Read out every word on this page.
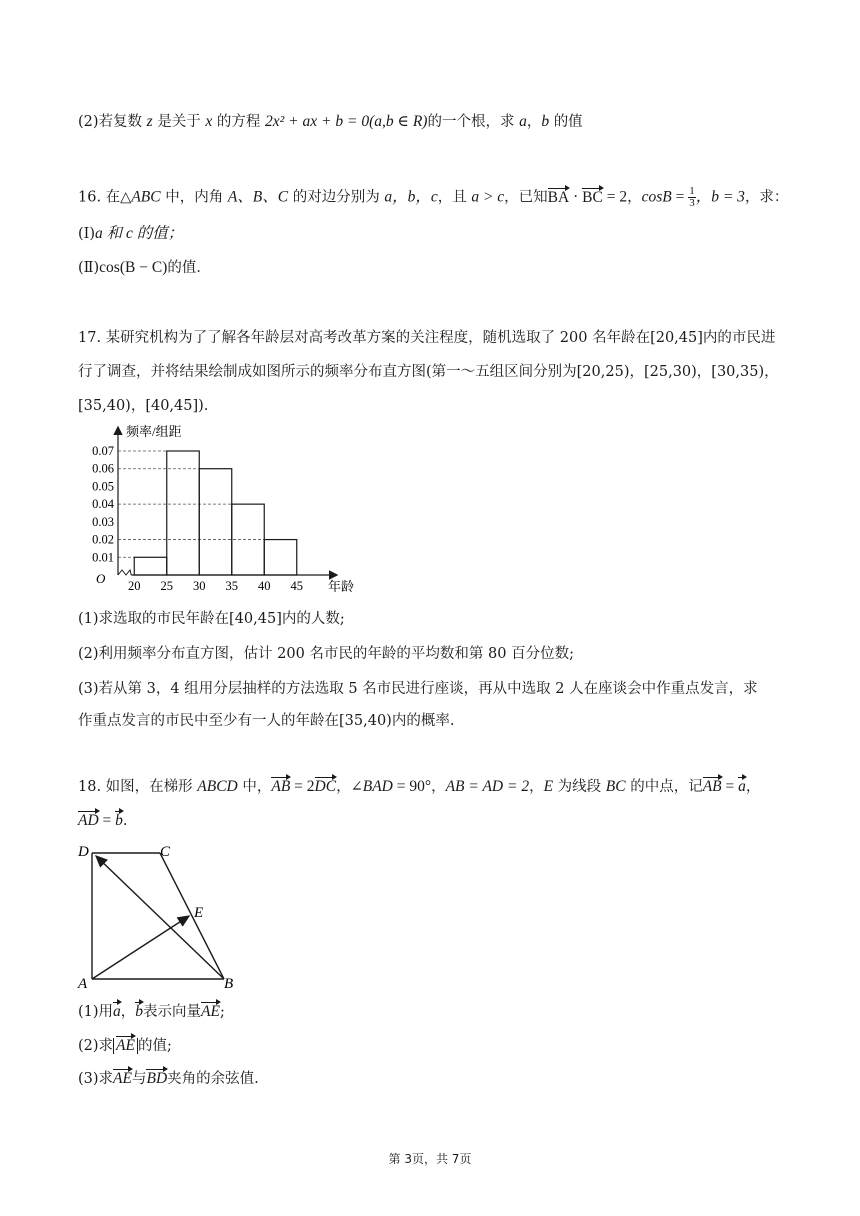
(2)若复数 z 是关于 x 的方程 2x² + ax + b = 0(a,b ∈ R)的一个根，求 a，b 的值
16. 在△ABC 中，内角 A、B、C 的对边分别为 a，b，c，且 a > c，已知BA · BC = 2，$\cos B = \frac{1}{3}$ ，b = 3，求：
(Ⅰ)a 和 c 的值；
(Ⅱ)cos(B − C)的值．
17. 某研究机构为了了解各年龄层对高考改革方案的关注程度，随机选取了 200 名年龄在[20,45]内的市民进
行了调查，并将结果绘制成如图所示的频率分布直方图(第一～五组区间分别为[20,25)，[25,30)，[30,35)，
[35,40)，[40,45]).
0.01
0.02
0.03
0.04
0.05
0.06
0.07
20 25 30 35 40 45
频率/组距
年龄
O
(1)求选取的市民年龄在[40,45]内的人数;
(2)利用频率分布直方图，估计 200 名市民的年龄的平均数和第 80 百分位数;
(3)若从第 3，4 组用分层抽样的方法选取 5 名市民进行座谈，再从中选取 2 人在座谈会中作重点发言，求
作重点发言的市民中至少有一人的年龄在[35,40)内的概率.
18. 如图，在梯形 ABCD 中，AB = 2DC，∠BAD = 90°，AB = AD = 2，E 为线段 BC 的中点，记AB = a，
AD = b.
A	B
C
D
E
(1)用a，b表示向量AE;
(2)求 AE 的值;
(3)求AE与BD夹角的余弦值.
第 3页，共 7页
